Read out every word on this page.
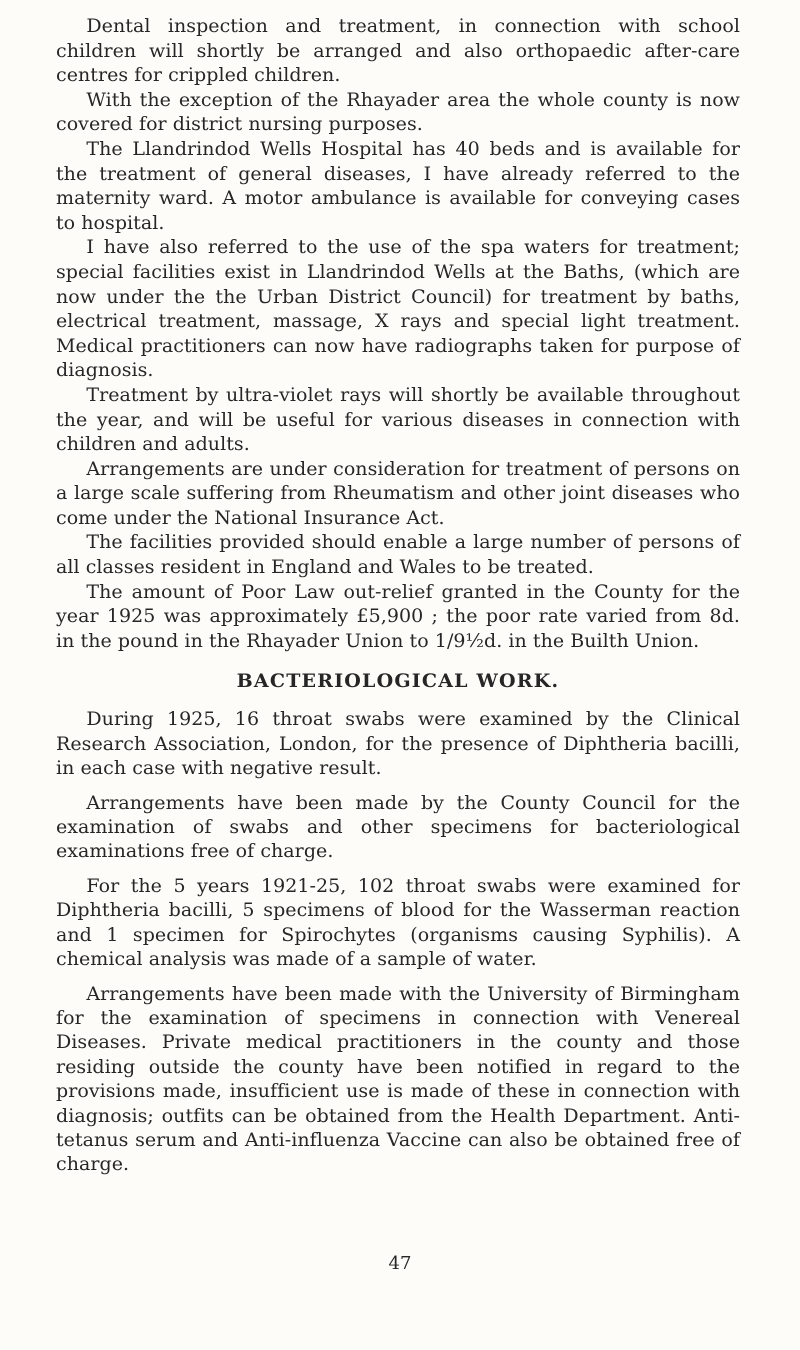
Dental inspection and treatment, in connection with school children will shortly be arranged and also orthopaedic after-care centres for crippled children.

With the exception of the Rhayader area the whole county is now covered for district nursing purposes.

The Llandrindod Wells Hospital has 40 beds and is available for the treatment of general diseases, I have already referred to the maternity ward. A motor ambulance is available for conveying cases to hospital.

I have also referred to the use of the spa waters for treatment; special facilities exist in Llandrindod Wells at the Baths, (which are now under the the Urban District Council) for treatment by baths, electrical treatment, massage, X rays and special light treatment. Medical practitioners can now have radiographs taken for purpose of diagnosis.

Treatment by ultra-violet rays will shortly be available throughout the year, and will be useful for various diseases in connection with children and adults.

Arrangements are under consideration for treatment of persons on a large scale suffering from Rheumatism and other joint diseases who come under the National Insurance Act.

The facilities provided should enable a large number of persons of all classes resident in England and Wales to be treated.

The amount of Poor Law out-relief granted in the County for the year 1925 was approximately £5,900 ; the poor rate varied from 8d. in the pound in the Rhayader Union to 1/9½d. in the Builth Union.

BACTERIOLOGICAL WORK.

During 1925, 16 throat swabs were examined by the Clinical Research Association, London, for the presence of Diphtheria bacilli, in each case with negative result.

Arrangements have been made by the County Council for the examination of swabs and other specimens for bacteriological examinations free of charge.

For the 5 years 1921-25, 102 throat swabs were examined for Diphtheria bacilli, 5 specimens of blood for the Wasserman reaction and 1 specimen for Spirochytes (organisms causing Syphilis). A chemical analysis was made of a sample of water.

Arrangements have been made with the University of Birmingham for the examination of specimens in connection with Venereal Diseases. Private medical practitioners in the county and those residing outside the county have been notified in regard to the provisions made, insufficient use is made of these in connection with diagnosis; outfits can be obtained from the Health Department. Anti-tetanus serum and Anti-influenza Vaccine can also be obtained free of charge.

47
